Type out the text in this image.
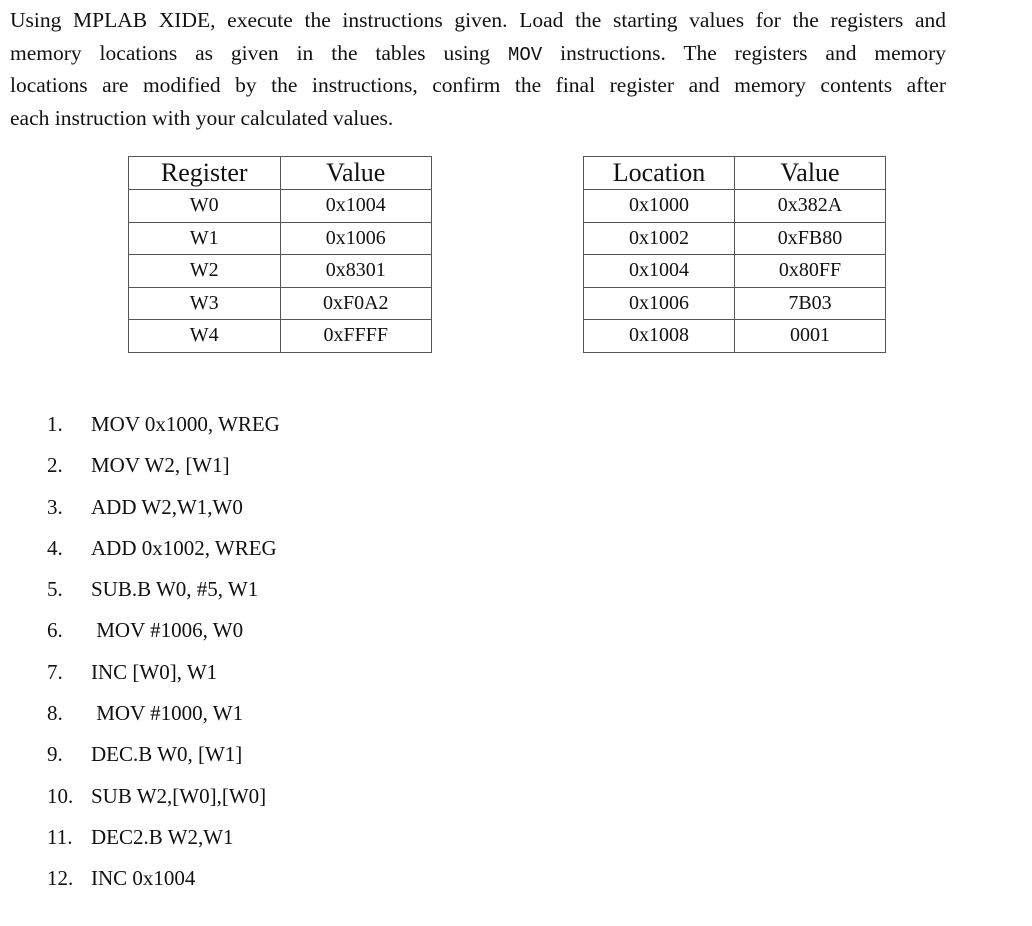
Using MPLAB XIDE, execute the instructions given. Load the starting values for the registers and
memory locations as given in the tables using MOV instructions. The registers and memory
locations are modified by the instructions, confirm the final register and memory contents after
each instruction with your calculated values.
Register	Value
W0	0x1004
W1	0x1006
W2	0x8301
W3	0xF0A2
W4	0xFFFF
Location	Value
0x1000	0x382A
0x1002	0xFB80
0x1004	0x80FF
0x1006	7B03
0x1008	0001
1.	MOV 0x1000, WREG
2.	MOV W2, [W1]
3.	ADD W2,W1,W0
4.	ADD 0x1002, WREG
5.	SUB.B W0, #5, W1
6.	MOV #1006, W0
7.	INC [W0], W1
8.	MOV #1000, W1
9.	DEC.B W0, [W1]
10. SUB W2,[W0],[W0]
11. DEC2.B W2,W1
12. INC 0x1004
